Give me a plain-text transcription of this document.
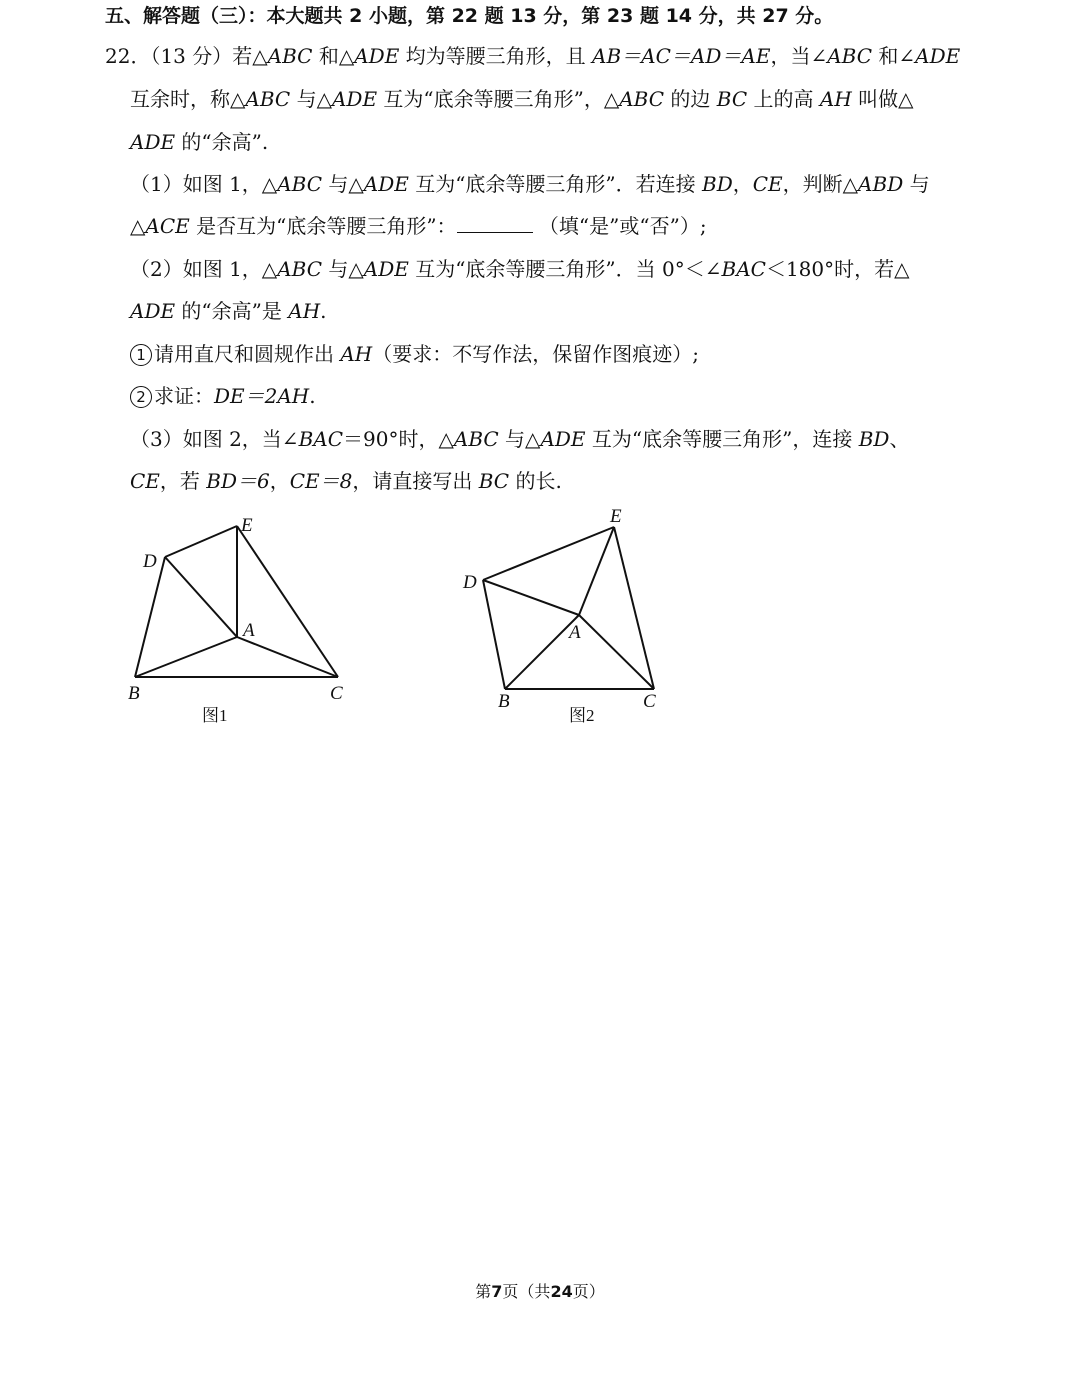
五、解答题（三）：本大题共 2 小题，第 22 题 13 分，第 23 题 14 分，共 27 分。
22．（13 分）若△ABC 和△ADE 均为等腰三角形，且 AB＝AC＝AD＝AE，当∠ABC 和∠ADE
互余时，称△ABC 与△ADE 互为“底余等腰三角形”，△ABC 的边 BC 上的高 AH 叫做△
ADE 的“余高”.
（1）如图 1，△ABC 与△ADE 互为“底余等腰三角形”．若连接 BD，CE，判断△ABD 与
△ACE 是否互为“底余等腰三角形”：	（填“是”或“否”）;
（2）如图 1，△ABC 与△ADE 互为“底余等腰三角形”．当 0°＜∠BAC＜180°时，若△
ADE 的“余高”是 AH.
1 请用直尺和圆规作出 AH（要求：不写作法，保留作图痕迹）;
2 求证：DE＝2AH.
（3）如图 2，当∠BAC＝90°时，△ABC 与△ADE 互为“底余等腰三角形”，连接 BD、
CE，若 BD＝6，CE＝8，请直接写出 BC 的长.
E
D
A
B	C
图1
E
D
A
B	C
图2
第7页（共24页）
